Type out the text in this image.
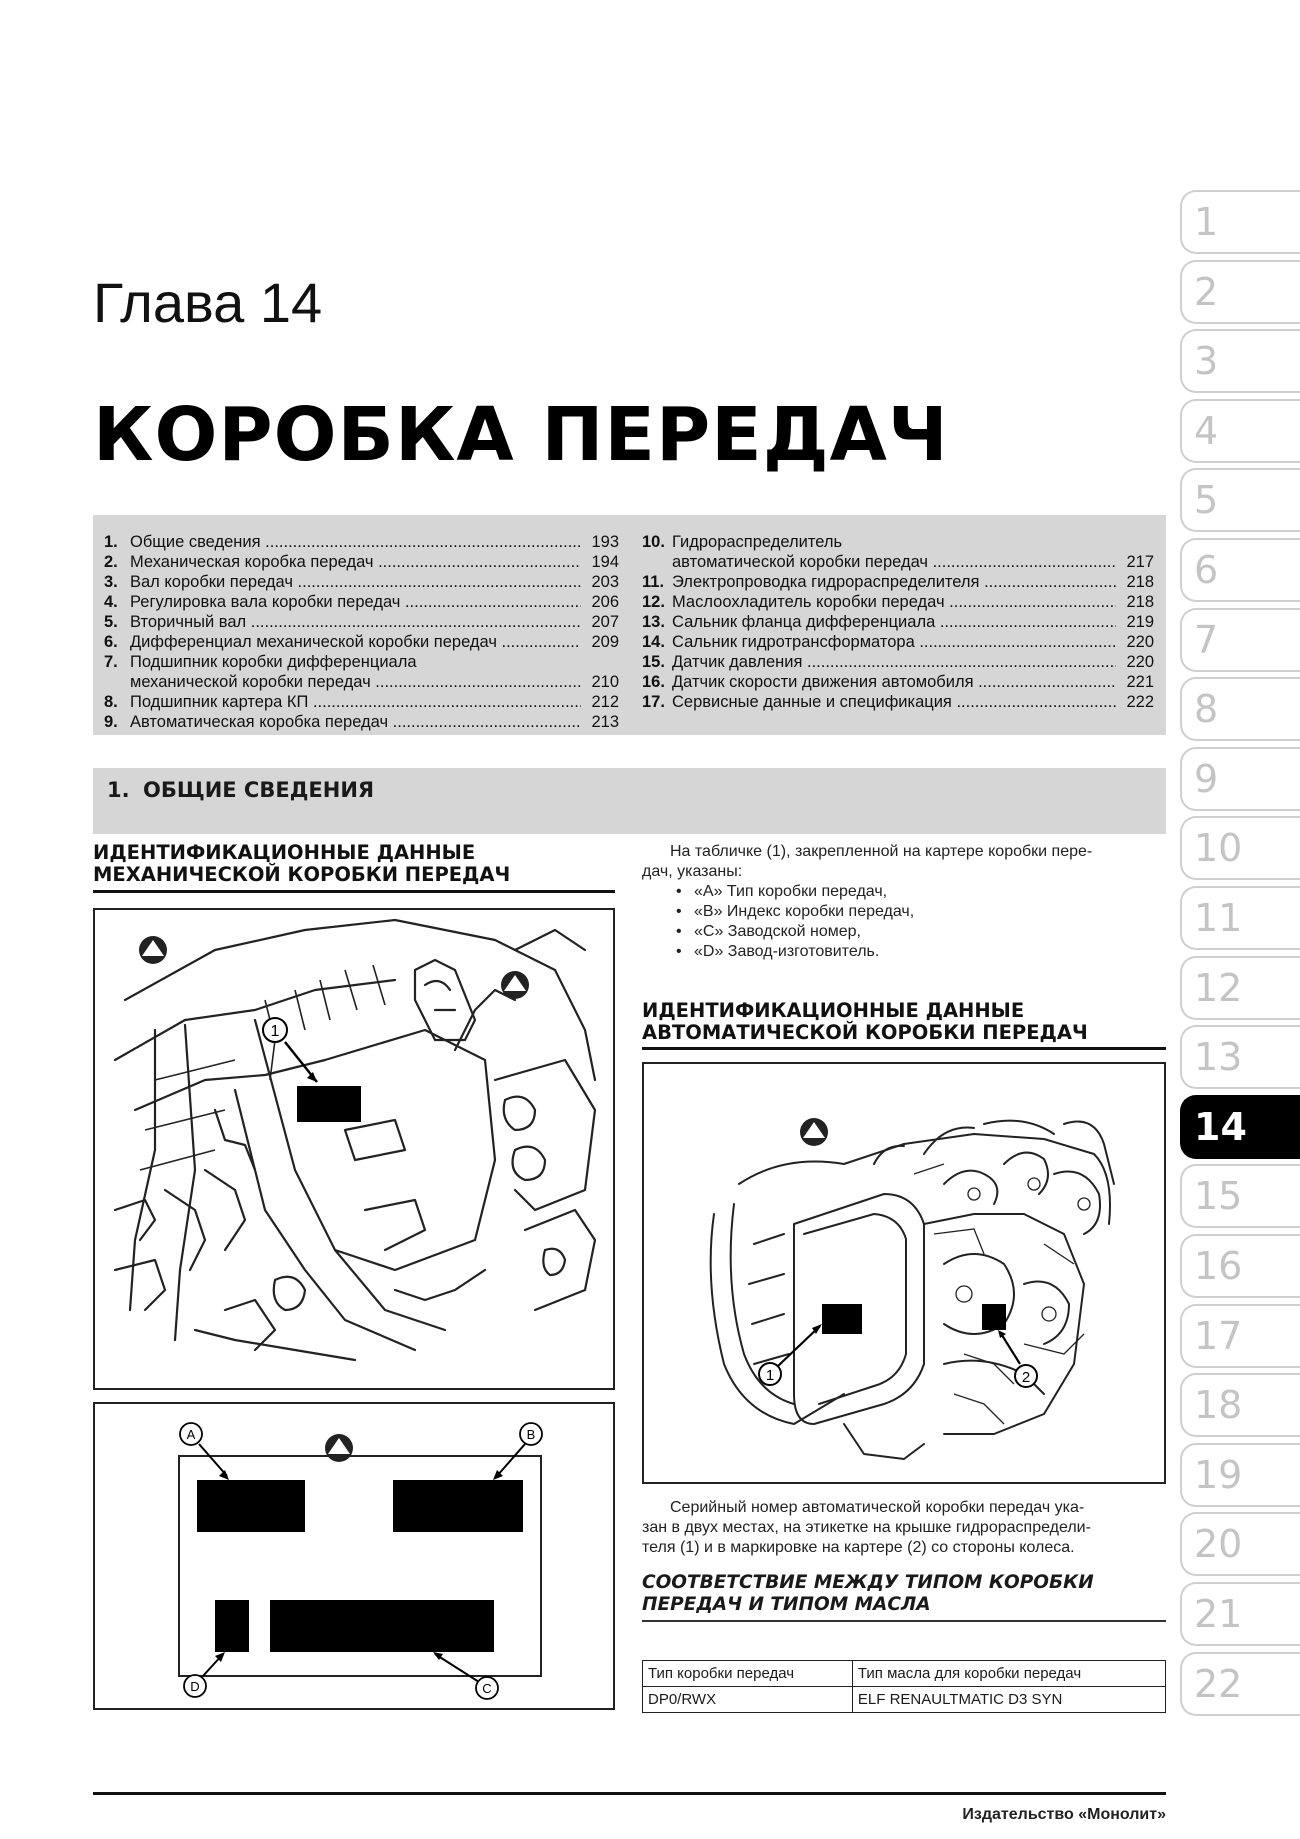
1
2
3
4
5
6
7
8
9
10
11
12
13
14
15
16
17
18
19
20
21
22
Глава 14
КОРОБКА ПЕРЕДАЧ
1. Общие сведения .....	193
2. Механическая коробка передач .....	194
3. Вал коробки передач .....	203
4. Регулировка вала коробки передач .....	206
5. Вторичный вал .....	207
6. Дифференциал механической коробки передач .....	209
7. Подшипник коробки дифференциала
механической коробки передач .....	210
8. Подшипник картера КП .....	212
9. Автоматическая коробка передач .....	213
10. Гидрораспределитель
автоматической коробки передач .....	217
11. Электропроводка гидрораспределителя .....	218
12. Маслоохладитель коробки передач .....	218
13. Сальник фланца дифференциала .....	219
14. Сальник гидротрансформатора .....	220
15. Датчик давления .....	220
16. Датчик скорости движения автомобиля .....	221
17. Сервисные данные и спецификация .....	222
1. ОБЩИЕ СВЕДЕНИЯ
ИДЕНТИФИКАЦИОННЫЕ ДАННЫЕ
МЕХАНИЧЕСКОЙ КОРОБКИ ПЕРЕДАЧ
1
A	B
D	C
На табличке (1), закрепленной на картере коробки пере-
дач, указаны:
• «А» Тип коробки передач,
• «В» Индекс коробки передач,
• «С» Заводской номер,
• «D» Завод-изготовитель.
ИДЕНТИФИКАЦИОННЫЕ ДАННЫЕ
АВТОМАТИЧЕСКОЙ КОРОБКИ ПЕРЕДАЧ
1	2
Серийный номер автоматической коробки передач ука-
зан в двух местах, на этикетке на крышке гидрораспредели-
теля (1) и в маркировке на картере (2) со стороны колеса.
СООТВЕТСТВИЕ МЕЖДУ ТИПОМ КОРОБКИ
ПЕРЕДАЧ И ТИПОМ МАСЛА
Тип коробки передач	Тип масла для коробки передач
DP0/RWX	ELF RENAULTMATIC D3 SYN
Издательство «Монолит»
